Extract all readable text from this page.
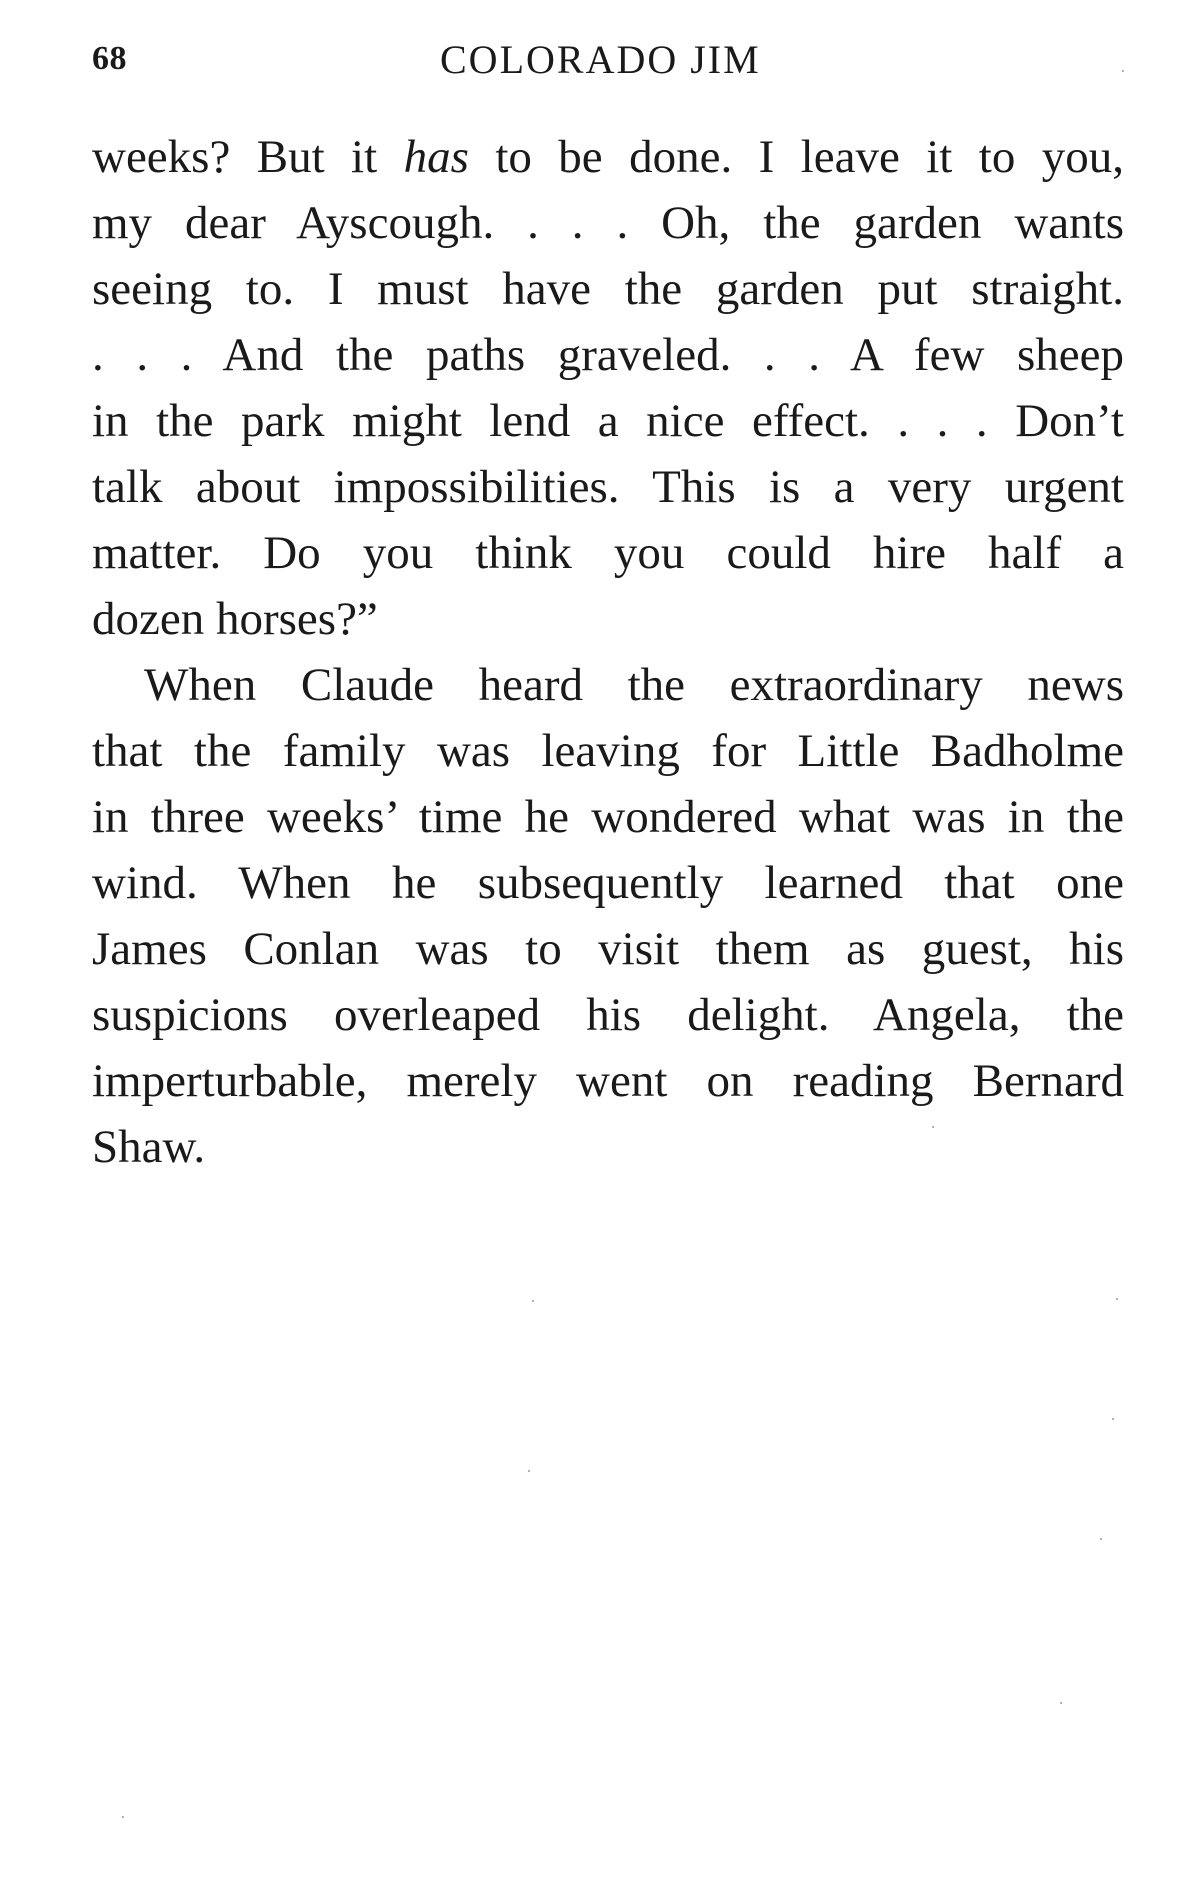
68	COLORADO JIM
weeks? But it has to be done. I leave it to you,
my dear Ayscough. . . . Oh, the garden wants
seeing to. I must have the garden put straight.
. . . And the paths graveled. . . A few sheep
in the park might lend a nice effect. . . . Don’t
talk about impossibilities. This is a very urgent
matter. Do you think you could hire half a
dozen horses?”
When Claude heard the extraordinary news
that the family was leaving for Little Badholme
in three weeks’ time he wondered what was in the
wind. When he subsequently learned that one
James Conlan was to visit them as guest, his
suspicions overleaped his delight. Angela, the
imperturbable, merely went on reading Bernard
Shaw.
